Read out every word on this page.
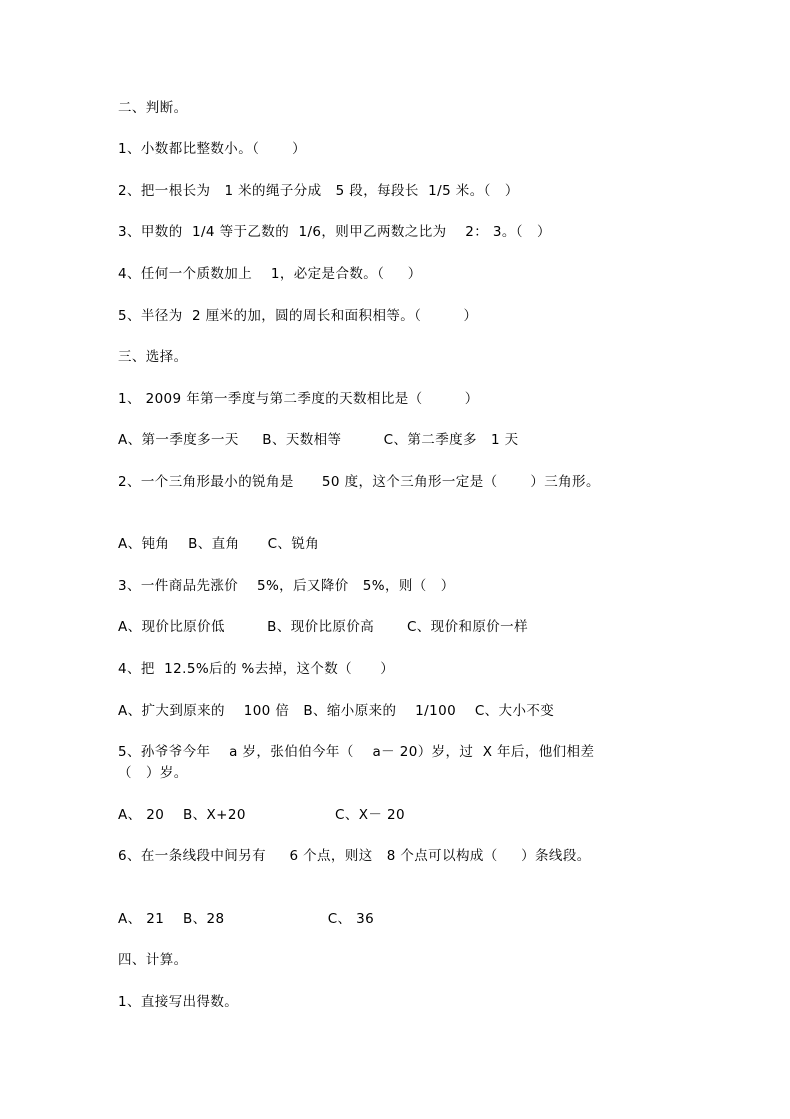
二、判断。
1、小数都比整数小。（       ）
2、把一根长为   1 米的绳子分成   5 段，每段长  1/5 米。（   ）
3、甲数的  1/4 等于乙数的  1/6，则甲乙两数之比为    2： 3。（   ）
4、任何一个质数加上    1，必定是合数。（     ）
5、半径为  2 厘米的加，圆的周长和面积相等。（         ）
三、选择。
1、 2009 年第一季度与第二季度的天数相比是（         ）
A、第一季度多一天     B、天数相等         C、第二季度多   1 天
2、一个三角形最小的锐角是      50 度，这个三角形一定是（       ）三角形。
A、钝角    B、直角      C、锐角
3、一件商品先涨价    5%，后又降价   5%，则（   ）
A、现价比原价低         B、现价比原价高       C、现价和原价一样
4、把  12.5%后的 %去掉，这个数（      ）
A、扩大到原来的    100 倍   B、缩小原来的    1/100    C、大小不变
5、孙爷爷今年    a 岁，张伯伯今年（    a－ 20）岁，过  X 年后，他们相差
（   ）岁。
A、 20    B、X+20                   C、X－ 20
6、在一条线段中间另有     6 个点，则这   8 个点可以构成（     ）条线段。
A、 21    B、28                      C、 36
四、计算。
1、直接写出得数。
